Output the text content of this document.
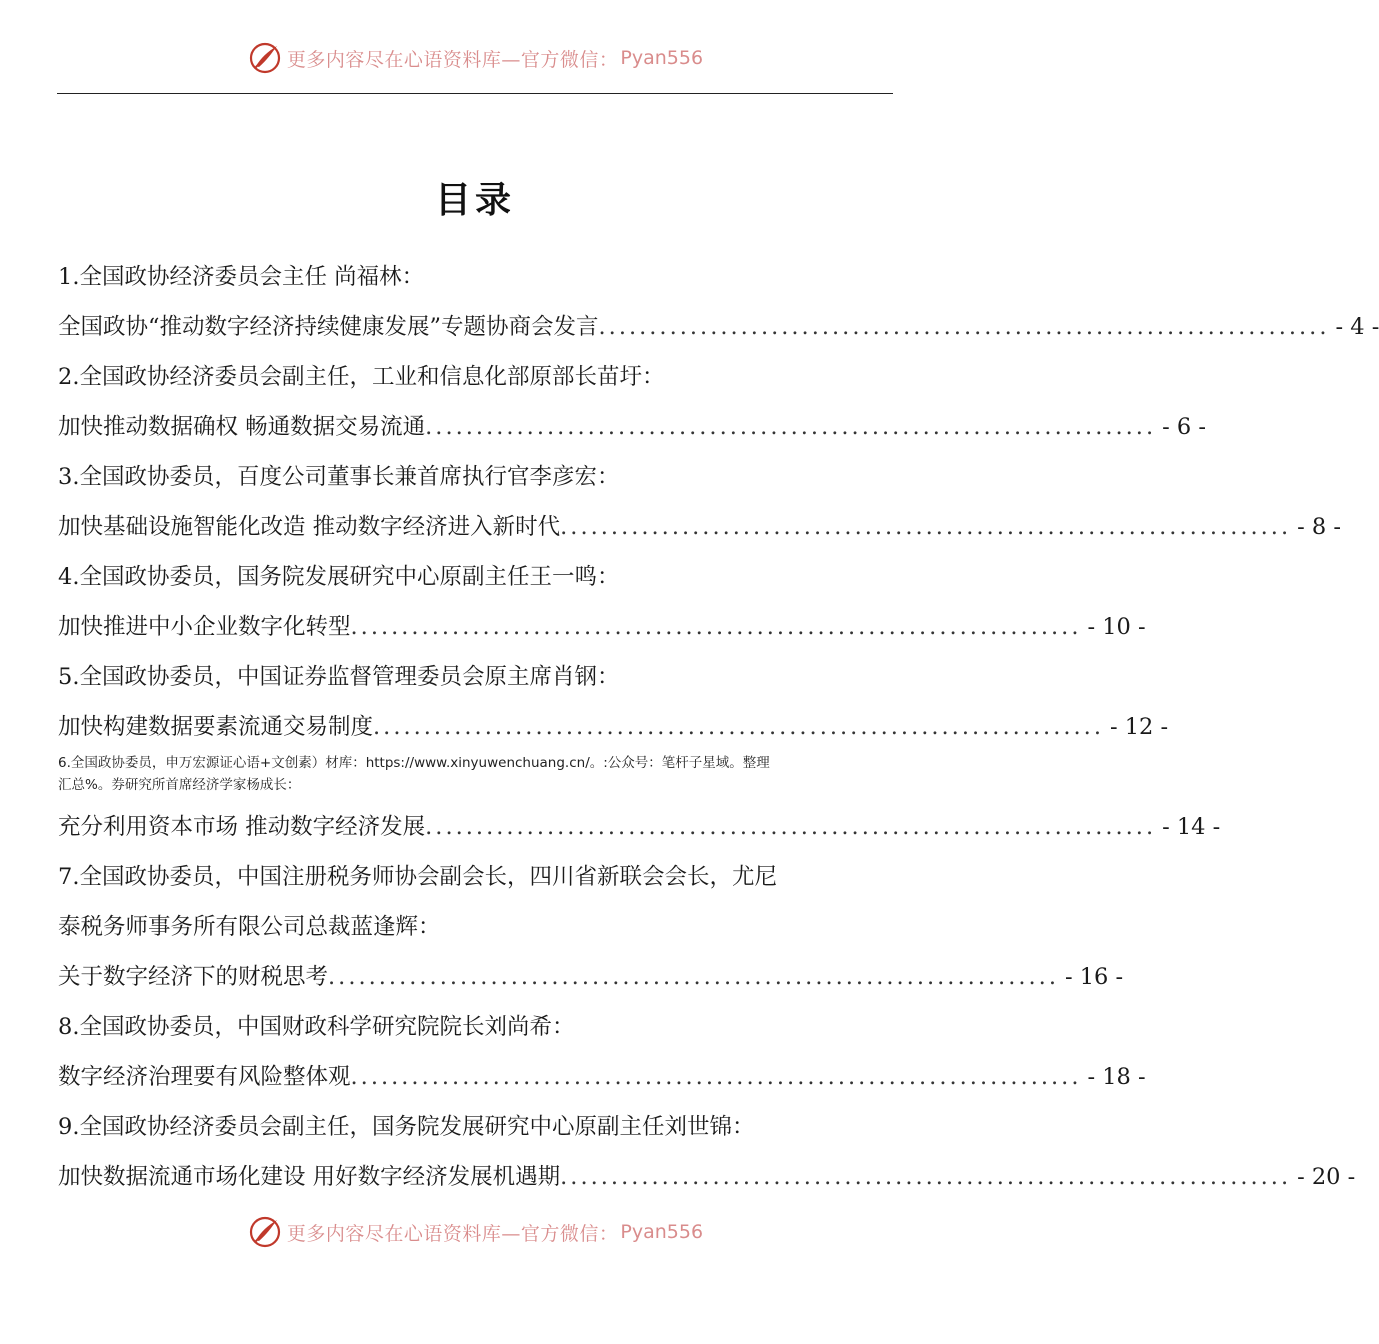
更多内容尽在心语资料库—官方微信： Pyan556
目录
1.全国政协经济委员会主任 尚福林：
全国政协“推动数字经济持续健康发展”专题协商会发言 ........................................................................ - 4 -
2.全国政协经济委员会副主任，工业和信息化部原部长苗圩：
加快推动数据确权 畅通数据交易流通 ........................................................................ - 6 -
3.全国政协委员，百度公司董事长兼首席执行官李彦宏：
加快基础设施智能化改造 推动数字经济进入新时代 ........................................................................ - 8 -
4.全国政协委员，国务院发展研究中心原副主任王一鸣：
加快推进中小企业数字化转型 ........................................................................ - 10 -
5.全国政协委员，中国证券监督管理委员会原主席肖钢：
加快构建数据要素流通交易制度 ........................................................................ - 12 -
6.全国政协委员，申万宏源证心语+文创素）材库：https://www.xinyuwenchuang.cn/。:公众号：笔杆子星域。整理
汇总%。券研究所首席经济学家杨成长：
充分利用资本市场 推动数字经济发展 ........................................................................ - 14 -
7.全国政协委员，中国注册税务师协会副会长，四川省新联会会长，尤尼
泰税务师事务所有限公司总裁蓝逢辉：
关于数字经济下的财税思考 ........................................................................ - 16 -
8.全国政协委员，中国财政科学研究院院长刘尚希：
数字经济治理要有风险整体观 ........................................................................ - 18 -
9.全国政协经济委员会副主任，国务院发展研究中心原副主任刘世锦：
加快数据流通市场化建设 用好数字经济发展机遇期 ........................................................................ - 20 -
更多内容尽在心语资料库—官方微信： Pyan556
